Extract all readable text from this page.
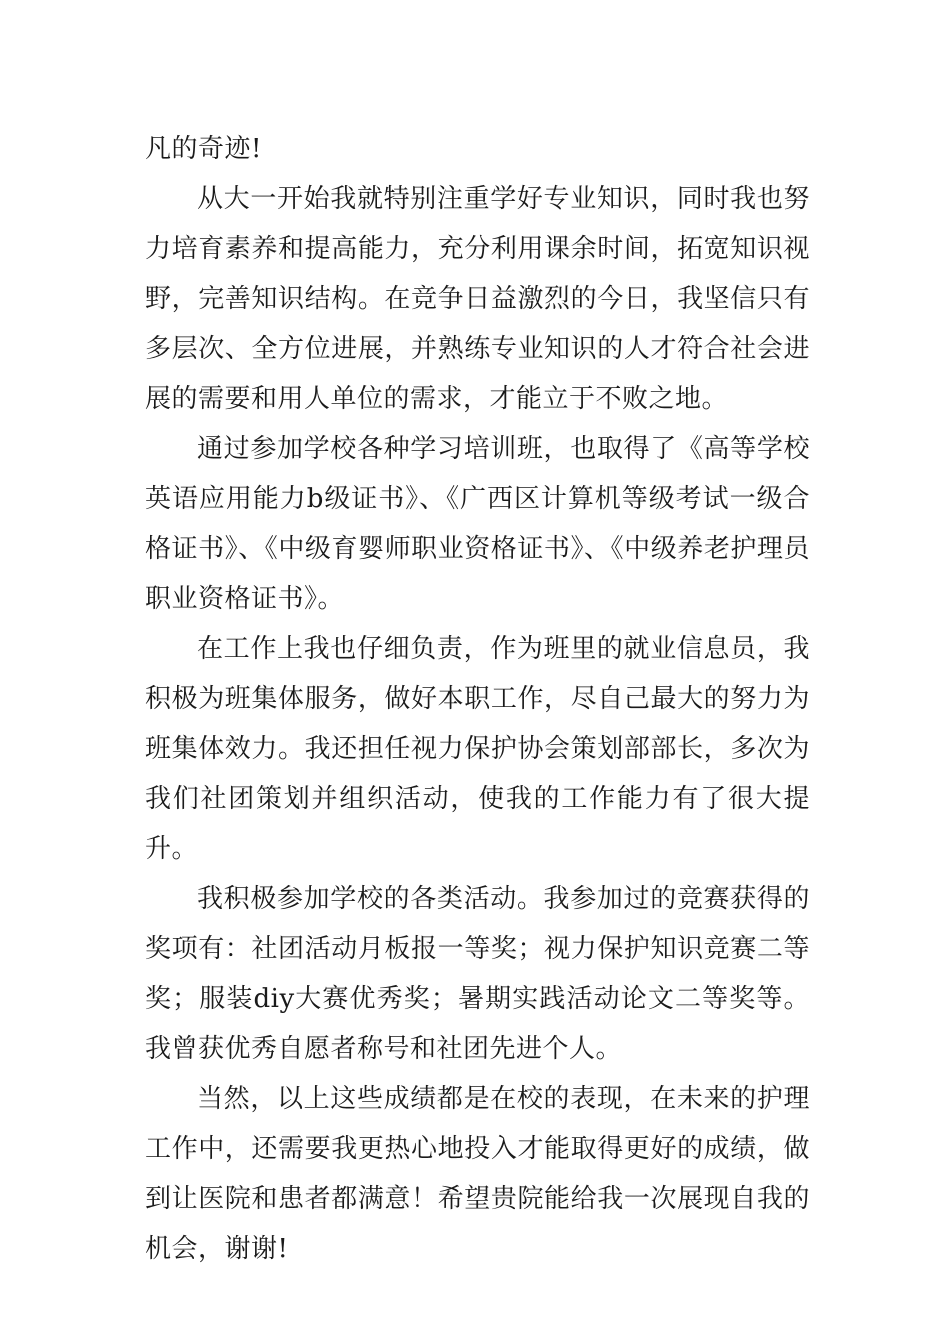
凡的奇迹!

从大一开始我就特别注重学好专业知识，同时我也努力培育素养和提高能力，充分利用课余时间，拓宽知识视野，完善知识结构。在竞争日益激烈的今日，我坚信只有多层次、全方位进展，并熟练专业知识的人才符合社会进展的需要和用人单位的需求，才能立于不败之地。

通过参加学校各种学习培训班，也取得了《高等学校英语应用能力b级证书》、《广西区计算机等级考试一级合格证书》、《中级育婴师职业资格证书》、《中级养老护理员职业资格证书》。

在工作上我也仔细负责，作为班里的就业信息员，我积极为班集体服务，做好本职工作，尽自己最大的努力为班集体效力。我还担任视力保护协会策划部部长，多次为我们社团策划并组织活动，使我的工作能力有了很大提升。

我积极参加学校的各类活动。我参加过的竞赛获得的奖项有：社团活动月板报一等奖；视力保护知识竞赛二等奖；服装diy大赛优秀奖；暑期实践活动论文二等奖等。我曾获优秀自愿者称号和社团先进个人。

当然，以上这些成绩都是在校的表现，在未来的护理工作中，还需要我更热心地投入才能取得更好的成绩，做到让医院和患者都满意！希望贵院能给我一次展现自我的机会，谢谢!
